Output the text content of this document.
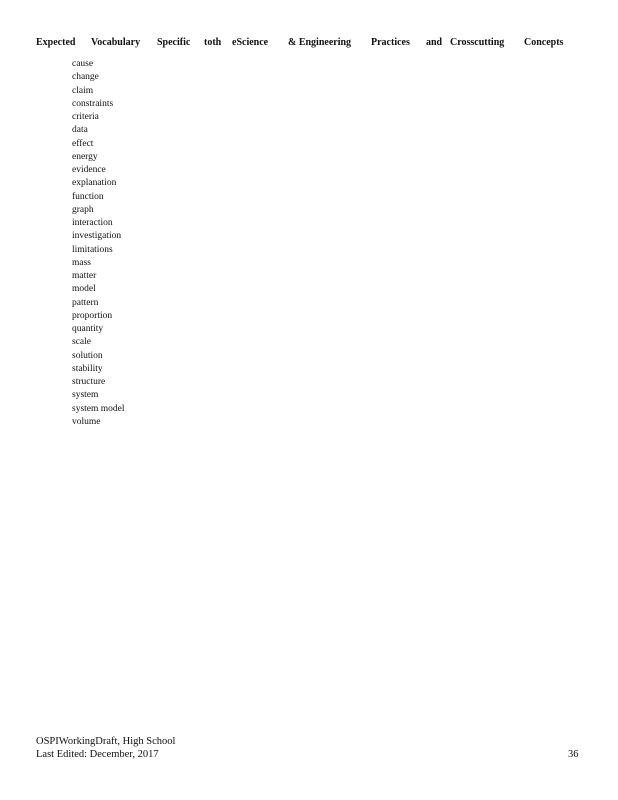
Expected Vocabulary Specific toth eScience & Engineering Practices and Crosscutting Concepts
cause
change
claim
constraints
criteria
data
effect
energy
evidence
explanation
function
graph
interaction
investigation
limitations
mass
matter
model
pattern
proportion
quantity
scale
solution
stability
structure
system
system model
volume
OSPIWorkingDraft, High School
Last Edited: December, 2017	36
